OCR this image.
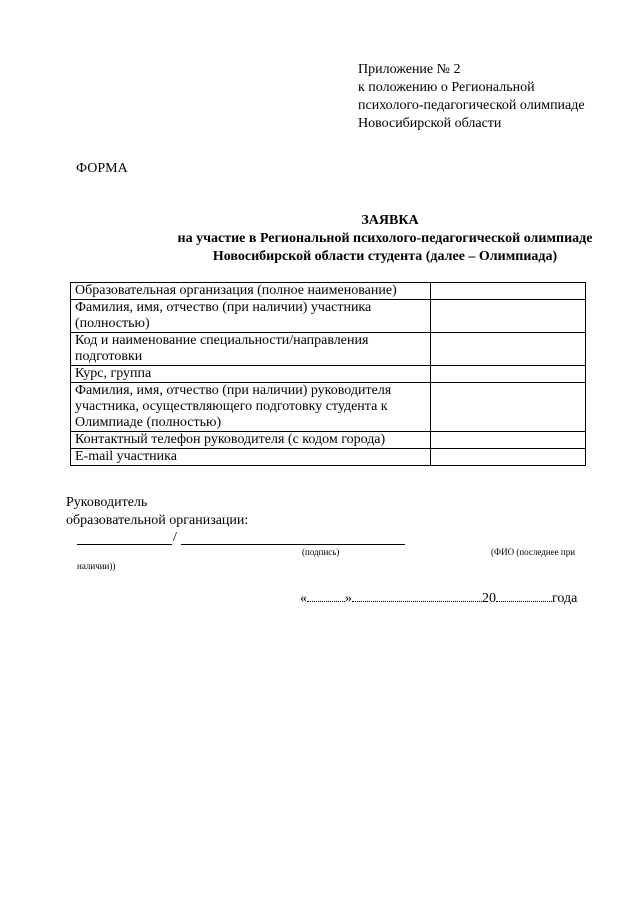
Приложение № 2
к положению о Региональной
психолого-педагогической олимпиаде
Новосибирской области
ФОРМА
ЗАЯВКА
на участие в Региональной психолого-педагогической олимпиаде
Новосибирской области студента (далее – Олимпиада)
Образовательная организация (полное наименование)	
Фамилия, имя, отчество (при наличии) участника (полностью)	
Код и наименование специальности/направления подготовки	
Курс, группа	
Фамилия, имя, отчество (при наличии) руководителя участника, осуществляющего подготовку студента к Олимпиаде (полностью)	
Контактный телефон руководителя (с кодом города)	
E-mail участника	
Руководитель
образовательной организации:
/
(подпись)	(ФИО (последнее при
наличии))
«	»	20	года
